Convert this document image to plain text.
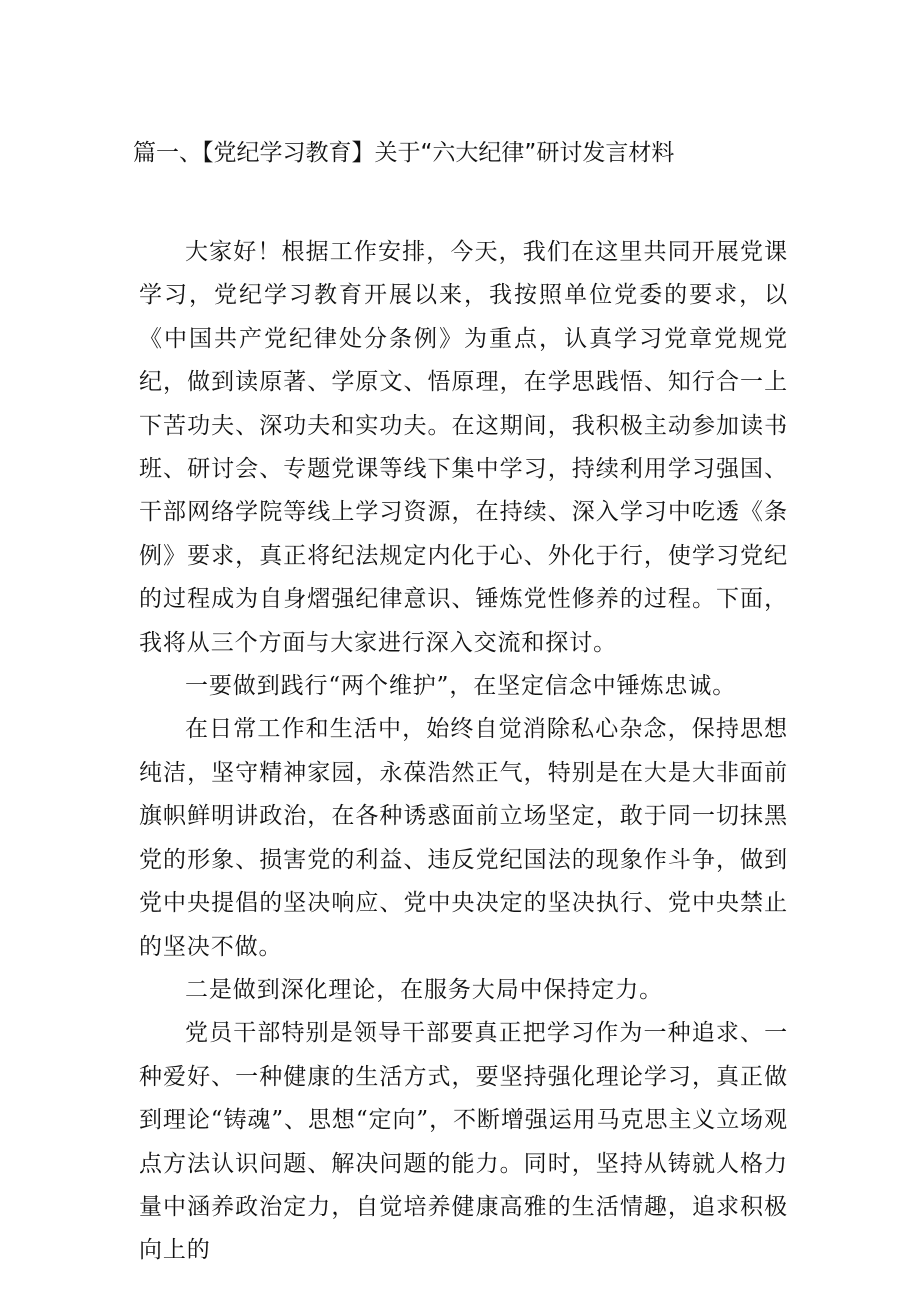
篇一、【党纪学习教育】关于“六大纪律”研讨发言材料

大家好！根据工作安排，今天，我们在这里共同开展党课学习，党纪学习教育开展以来，我按照单位党委的要求，以《中国共产党纪律处分条例》为重点，认真学习党章党规党纪，做到读原著、学原文、悟原理，在学思践悟、知行合一上下苦功夫、深功夫和实功夫。在这期间，我积极主动参加读书班、研讨会、专题党课等线下集中学习，持续利用学习强国、干部网络学院等线上学习资源，在持续、深入学习中吃透《条例》要求，真正将纪法规定内化于心、外化于行，使学习党纪的过程成为自身熠强纪律意识、锤炼党性修养的过程。下面，我将从三个方面与大家进行深入交流和探讨。

一要做到践行“两个维护”，在坚定信念中锤炼忠诚。

在日常工作和生活中，始终自觉消除私心杂念，保持思想纯洁，坚守精神家园，永葆浩然正气，特别是在大是大非面前旗帜鲜明讲政治，在各种诱惑面前立场坚定，敢于同一切抹黑党的形象、损害党的利益、违反党纪国法的现象作斗争，做到党中央提倡的坚决响应、党中央决定的坚决执行、党中央禁止的坚决不做。

二是做到深化理论，在服务大局中保持定力。

党员干部特别是领导干部要真正把学习作为一种追求、一种爱好、一种健康的生活方式，要坚持强化理论学习，真正做到理论“铸魂”、思想“定向”，不断增强运用马克思主义立场观点方法认识问题、解决问题的能力。同时，坚持从铸就人格力量中涵养政治定力，自觉培养健康高雅的生活情趣，追求积极向上的
